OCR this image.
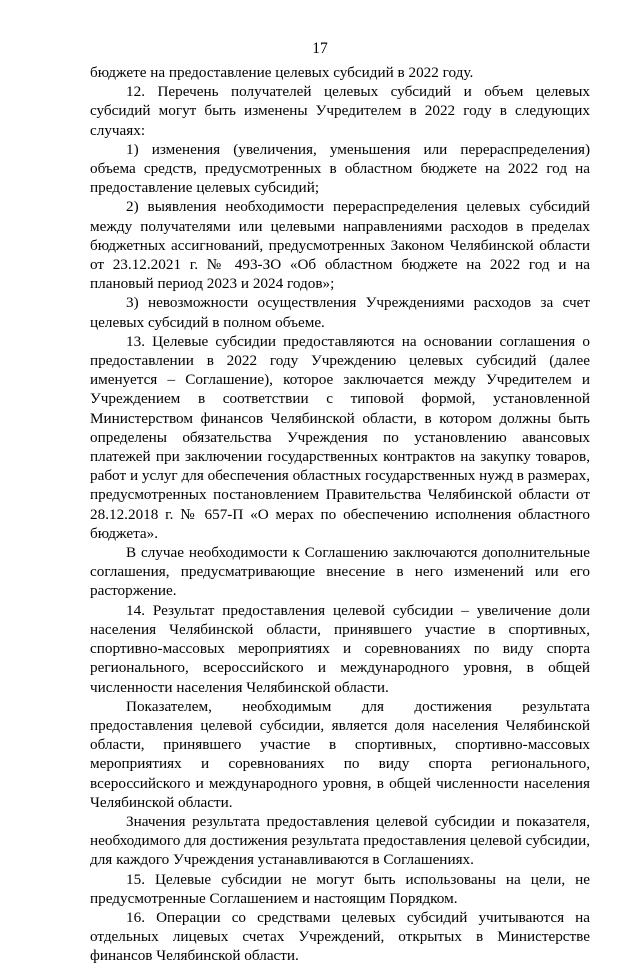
17

бюджете на предоставление целевых субсидий в 2022 году.

12. Перечень получателей целевых субсидий и объем целевых субсидий могут быть изменены Учредителем в 2022 году в следующих случаях:

1) изменения (увеличения, уменьшения или перераспределения) объема средств, предусмотренных в областном бюджете на 2022 год на предоставление целевых субсидий;

2) выявления необходимости перераспределения целевых субсидий между получателями или целевыми направлениями расходов в пределах бюджетных ассигнований, предусмотренных Законом Челябинской области от 23.12.2021 г. № 493-ЗО «Об областном бюджете на 2022 год и на плановый период 2023 и 2024 годов»;

3) невозможности осуществления Учреждениями расходов за счет целевых субсидий в полном объеме.

13. Целевые субсидии предоставляются на основании соглашения о предоставлении в 2022 году Учреждению целевых субсидий (далее именуется – Соглашение), которое заключается между Учредителем и Учреждением в соответствии с типовой формой, установленной Министерством финансов Челябинской области, в котором должны быть определены обязательства Учреждения по установлению авансовых платежей при заключении государственных контрактов на закупку товаров, работ и услуг для обеспечения областных государственных нужд в размерах, предусмотренных постановлением Правительства Челябинской области от 28.12.2018 г. № 657-П «О мерах по обеспечению исполнения областного бюджета».

В случае необходимости к Соглашению заключаются дополнительные соглашения, предусматривающие внесение в него изменений или его расторжение.

14. Результат предоставления целевой субсидии – увеличение доли населения Челябинской области, принявшего участие в спортивных, спортивно-массовых мероприятиях и соревнованиях по виду спорта регионального, всероссийского и международного уровня, в общей численности населения Челябинской области.

Показателем, необходимым для достижения результата предоставления целевой субсидии, является доля населения Челябинской области, принявшего участие в спортивных, спортивно-массовых мероприятиях и соревнованиях по виду спорта регионального, всероссийского и международного уровня, в общей численности населения Челябинской области.

Значения результата предоставления целевой субсидии и показателя, необходимого для достижения результата предоставления целевой субсидии, для каждого Учреждения устанавливаются в Соглашениях.

15. Целевые субсидии не могут быть использованы на цели, не предусмотренные Соглашением и настоящим Порядком.

16. Операции со средствами целевых субсидий учитываются на отдельных лицевых счетах Учреждений, открытых в Министерстве финансов Челябинской области.
